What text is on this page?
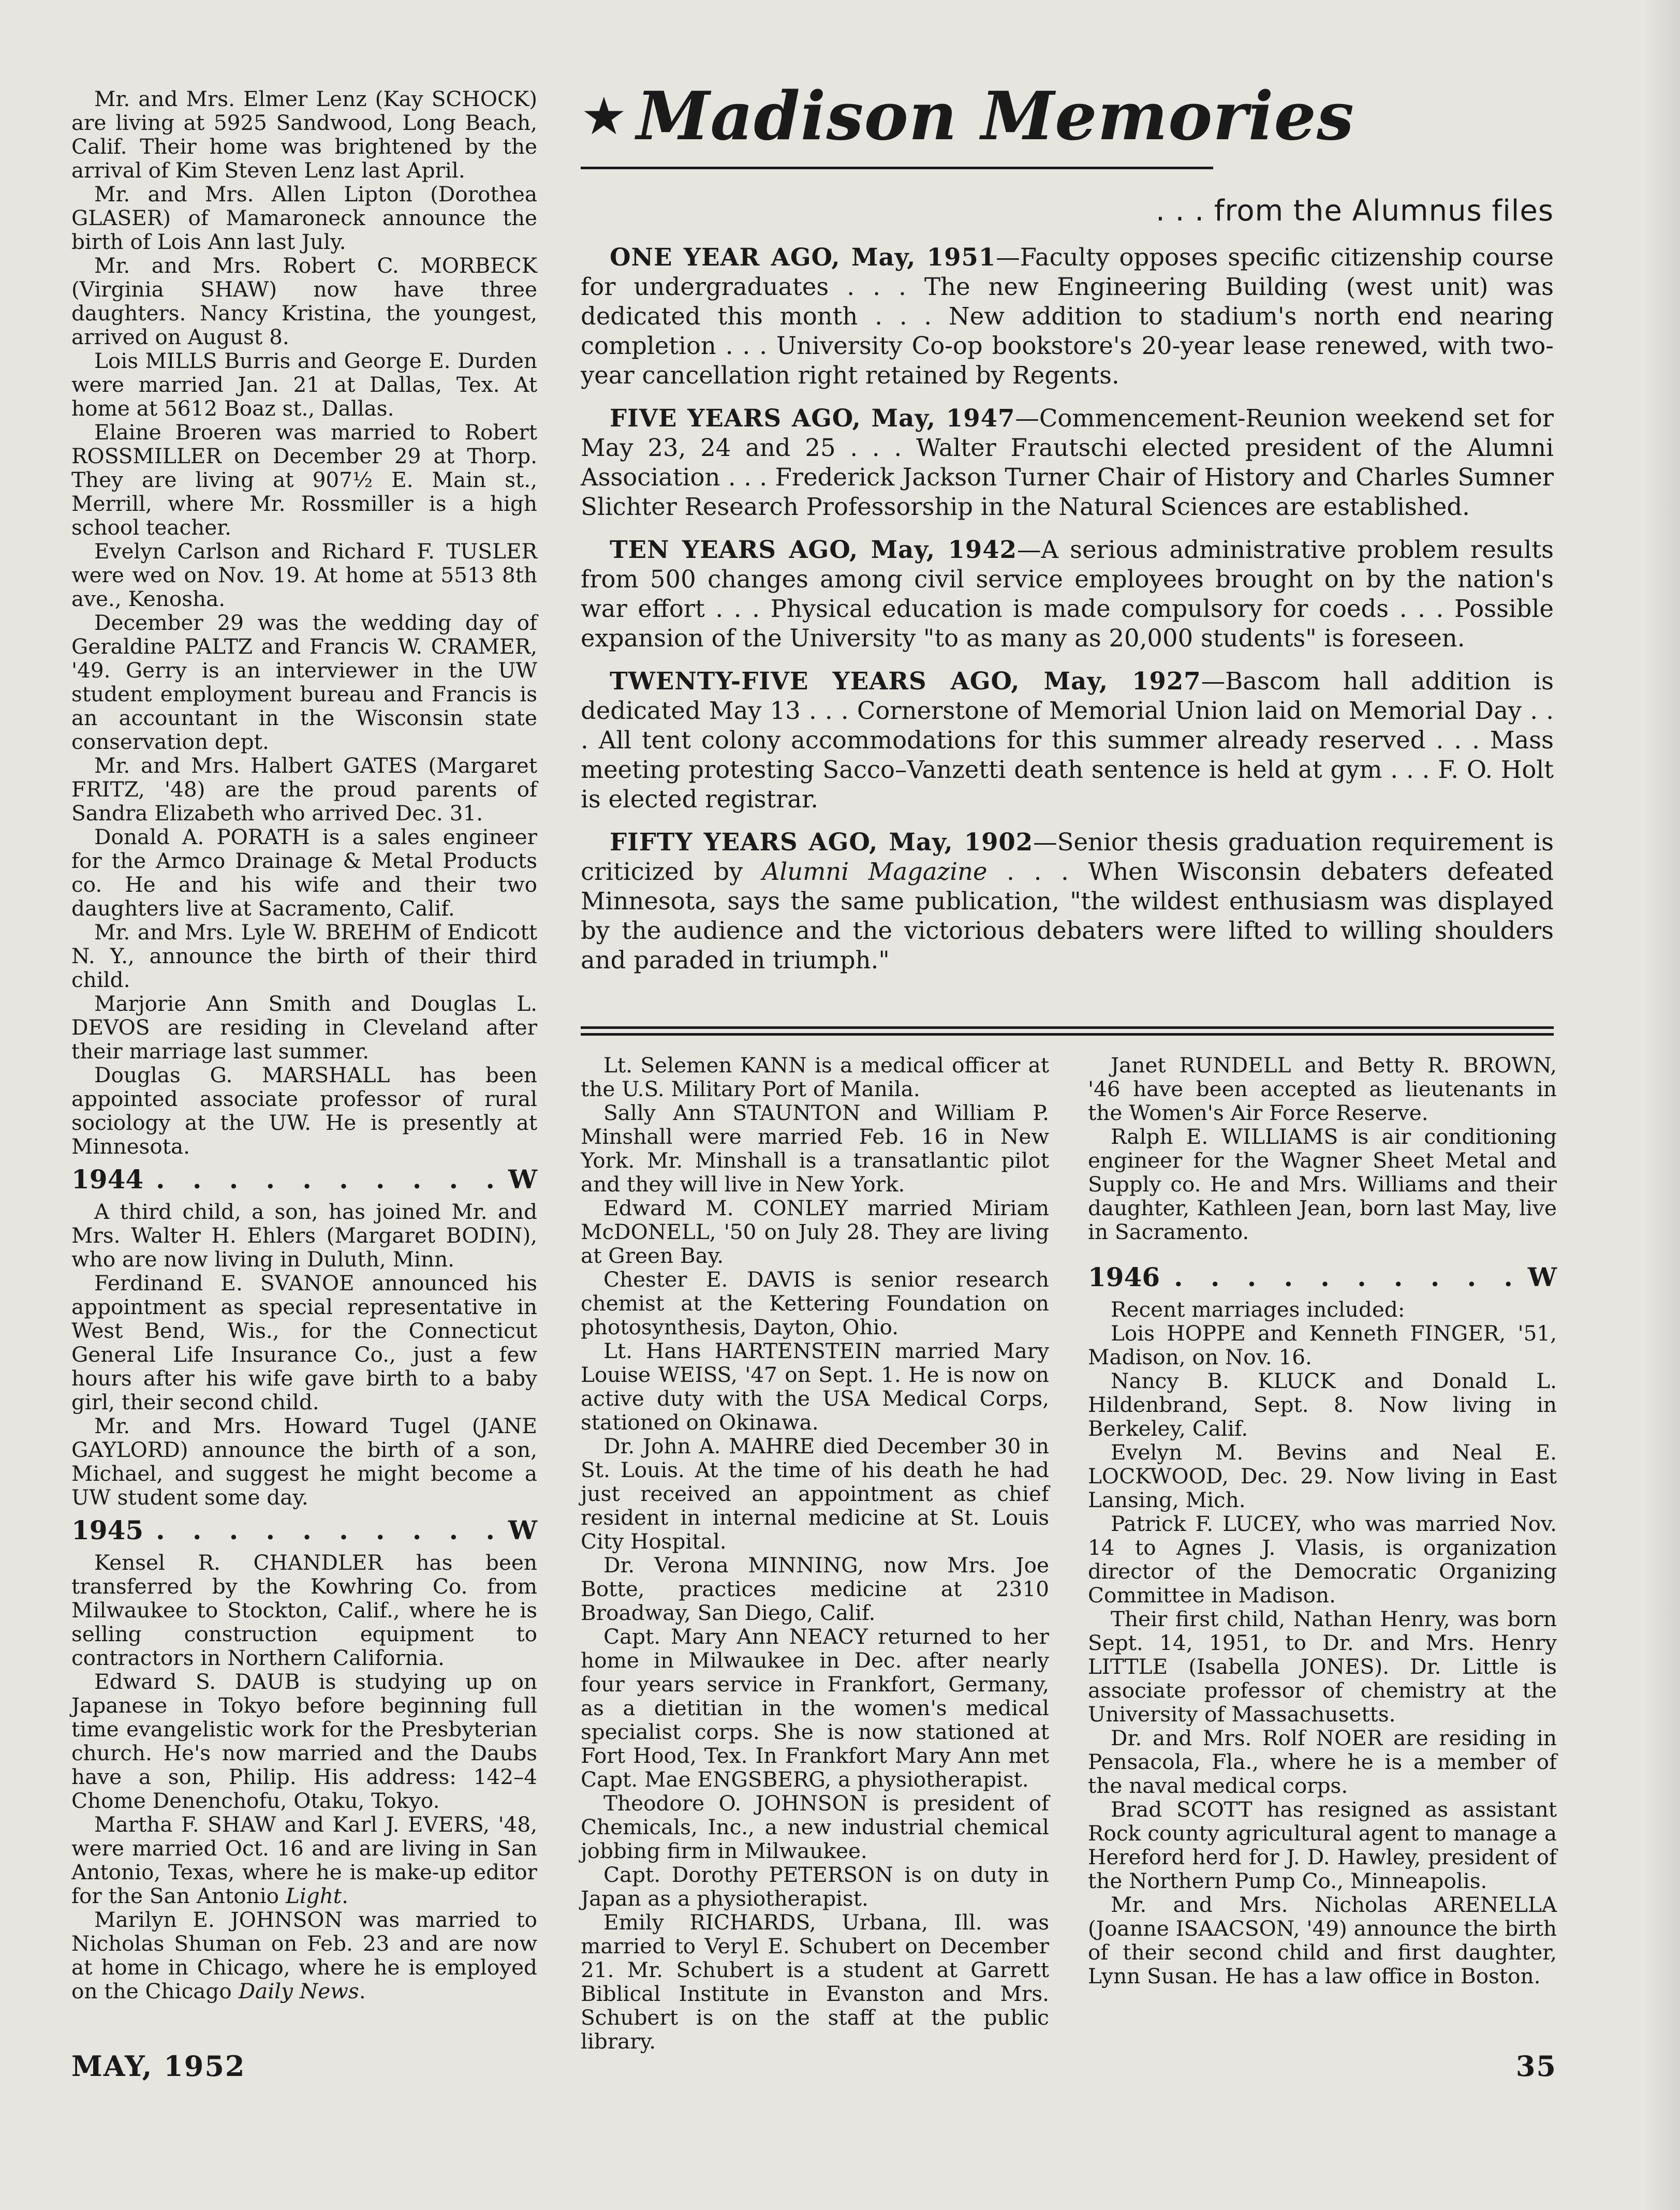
Mr. and Mrs. Elmer Lenz (Kay SCHOCK) are living at 5925 Sandwood, Long Beach, Calif. Their home was brightened by the arrival of Kim Steven Lenz last April.

Mr. and Mrs. Allen Lipton (Dorothea GLASER) of Mamaroneck announce the birth of Lois Ann last July.

Mr. and Mrs. Robert C. MORBECK (Virginia SHAW) now have three daughters. Nancy Kristina, the youngest, arrived on August 8.

Lois MILLS Burris and George E. Durden were married Jan. 21 at Dallas, Tex. At home at 5612 Boaz st., Dallas.

Elaine Broeren was married to Robert ROSSMILLER on December 29 at Thorp. They are living at 907½ E. Main st., Merrill, where Mr. Rossmiller is a high school teacher.

Evelyn Carlson and Richard F. TUSLER were wed on Nov. 19. At home at 5513 8th ave., Kenosha.

December 29 was the wedding day of Geraldine PALTZ and Francis W. CRAMER, '49. Gerry is an interviewer in the UW student employment bureau and Francis is an accountant in the Wisconsin state conservation dept.

Mr. and Mrs. Halbert GATES (Margaret FRITZ, '48) are the proud parents of Sandra Elizabeth who arrived Dec. 31.

Donald A. PORATH is a sales engineer for the Armco Drainage & Metal Products co. He and his wife and their two daughters live at Sacramento, Calif.

Mr. and Mrs. Lyle W. BREHM of Endicott N. Y., announce the birth of their third child.

Marjorie Ann Smith and Douglas L. DEVOS are residing in Cleveland after their marriage last summer.

Douglas G. MARSHALL has been appointed associate professor of rural sociology at the UW. He is presently at Minnesota.

1944 . . . . . . . . . . W

A third child, a son, has joined Mr. and Mrs. Walter H. Ehlers (Margaret BODIN), who are now living in Duluth, Minn.

Ferdinand E. SVANOE announced his appointment as special representative in West Bend, Wis., for the Connecticut General Life Insurance Co., just a few hours after his wife gave birth to a baby girl, their second child.

Mr. and Mrs. Howard Tugel (JANE GAYLORD) announce the birth of a son, Michael, and suggest he might become a UW student some day.

1945 . . . . . . . . . . W

Kensel R. CHANDLER has been transferred by the Kowhring Co. from Milwaukee to Stockton, Calif., where he is selling construction equipment to contractors in Northern California.

Edward S. DAUB is studying up on Japanese in Tokyo before beginning full time evangelistic work for the Presbyterian church. He's now married and the Daubs have a son, Philip. His address: 142–4 Chome Denenchofu, Otaku, Tokyo.

Martha F. SHAW and Karl J. EVERS, '48, were married Oct. 16 and are living in San Antonio, Texas, where he is make-up editor for the San Antonio Light.

Marilyn E. JOHNSON was married to Nicholas Shuman on Feb. 23 and are now at home in Chicago, where he is employed on the Chicago Daily News.

★ Madison Memories
. . . from the Alumnus files

ONE YEAR AGO, May, 1951—Faculty opposes specific citizenship course for undergraduates . . . The new Engineering Building (west unit) was dedicated this month . . . New addition to stadium's north end nearing completion . . . University Co-op bookstore's 20-year lease renewed, with two-year cancellation right retained by Regents.

FIVE YEARS AGO, May, 1947—Commencement-Reunion weekend set for May 23, 24 and 25 . . . Walter Frautschi elected president of the Alumni Association . . . Frederick Jackson Turner Chair of History and Charles Sumner Slichter Research Professorship in the Natural Sciences are established.

TEN YEARS AGO, May, 1942—A serious administrative problem results from 500 changes among civil service employees brought on by the nation's war effort . . . Physical education is made compulsory for coeds . . . Possible expansion of the University "to as many as 20,000 students" is foreseen.

TWENTY-FIVE YEARS AGO, May, 1927—Bascom hall addition is dedicated May 13 . . . Cornerstone of Memorial Union laid on Memorial Day . . . All tent colony accommodations for this summer already reserved . . . Mass meeting protesting Sacco–Vanzetti death sentence is held at gym . . . F. O. Holt is elected registrar.

FIFTY YEARS AGO, May, 1902—Senior thesis graduation requirement is criticized by Alumni Magazine . . . When Wisconsin debaters defeated Minnesota, says the same publication, "the wildest enthusiasm was displayed by the audience and the victorious debaters were lifted to willing shoulders and paraded in triumph."

Lt. Selemen KANN is a medical officer at the U.S. Military Port of Manila.

Sally Ann STAUNTON and William P. Minshall were married Feb. 16 in New York. Mr. Minshall is a transatlantic pilot and they will live in New York.

Edward M. CONLEY married Miriam McDONELL, '50 on July 28. They are living at Green Bay.

Chester E. DAVIS is senior research chemist at the Kettering Foundation on photosynthesis, Dayton, Ohio.

Lt. Hans HARTENSTEIN married Mary Louise WEISS, '47 on Sept. 1. He is now on active duty with the USA Medical Corps, stationed on Okinawa.

Dr. John A. MAHRE died December 30 in St. Louis. At the time of his death he had just received an appointment as chief resident in internal medicine at St. Louis City Hospital.

Dr. Verona MINNING, now Mrs. Joe Botte, practices medicine at 2310 Broadway, San Diego, Calif.

Capt. Mary Ann NEACY returned to her home in Milwaukee in Dec. after nearly four years service in Frankfort, Germany, as a dietitian in the women's medical specialist corps. She is now stationed at Fort Hood, Tex. In Frankfort Mary Ann met Capt. Mae ENGSBERG, a physiotherapist.

Theodore O. JOHNSON is president of Chemicals, Inc., a new industrial chemical jobbing firm in Milwaukee.

Capt. Dorothy PETERSON is on duty in Japan as a physiotherapist.

Emily RICHARDS, Urbana, Ill. was married to Veryl E. Schubert on December 21. Mr. Schubert is a student at Garrett Biblical Institute in Evanston and Mrs. Schubert is on the staff at the public library.

Janet RUNDELL and Betty R. BROWN, '46 have been accepted as lieutenants in the Women's Air Force Reserve.

Ralph E. WILLIAMS is air conditioning engineer for the Wagner Sheet Metal and Supply co. He and Mrs. Williams and their daughter, Kathleen Jean, born last May, live in Sacramento.

1946 . . . . . . . . . . W

Recent marriages included:

Lois HOPPE and Kenneth FINGER, '51, Madison, on Nov. 16.

Nancy B. KLUCK and Donald L. Hildenbrand, Sept. 8. Now living in Berkeley, Calif.

Evelyn M. Bevins and Neal E. LOCKWOOD, Dec. 29. Now living in East Lansing, Mich.

Patrick F. LUCEY, who was married Nov. 14 to Agnes J. Vlasis, is organization director of the Democratic Organizing Committee in Madison.

Their first child, Nathan Henry, was born Sept. 14, 1951, to Dr. and Mrs. Henry LITTLE (Isabella JONES). Dr. Little is associate professor of chemistry at the University of Massachusetts.

Dr. and Mrs. Rolf NOER are residing in Pensacola, Fla., where he is a member of the naval medical corps.

Brad SCOTT has resigned as assistant Rock county agricultural agent to manage a Hereford herd for J. D. Hawley, president of the Northern Pump Co., Minneapolis.

Mr. and Mrs. Nicholas ARENELLA (Joanne ISAACSON, '49) announce the birth of their second child and first daughter, Lynn Susan. He has a law office in Boston.

MAY, 1952	35
